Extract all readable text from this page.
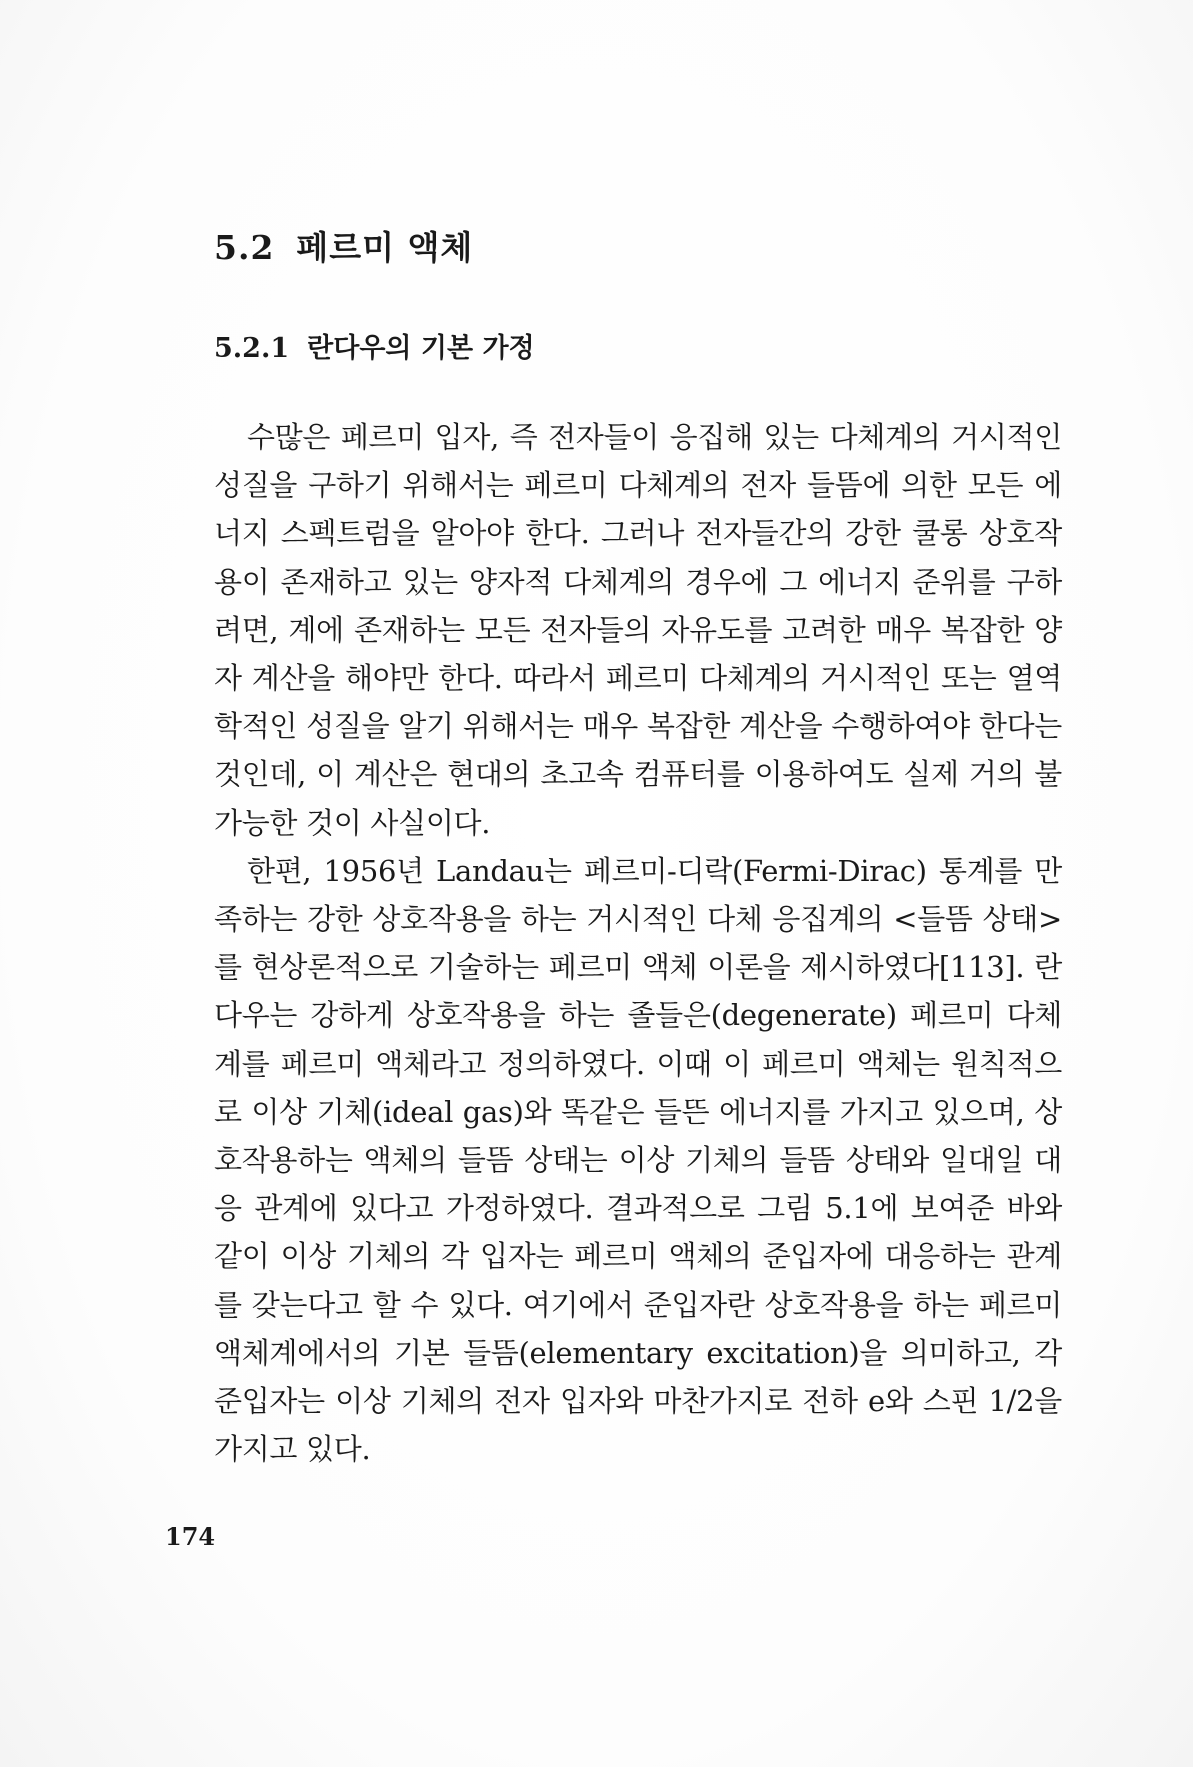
5.2 페르미 액체
5.2.1 란다우의 기본 가정

수많은 페르미 입자, 즉 전자들이 응집해 있는 다체계의 거시적인 성질을 구하기 위해서는 페르미 다체계의 전자 들뜸에 의한 모든 에너지 스펙트럼을 알아야 한다. 그러나 전자들간의 강한 쿨롱 상호작용이 존재하고 있는 양자적 다체계의 경우에 그 에너지 준위를 구하려면, 계에 존재하는 모든 전자들의 자유도를 고려한 매우 복잡한 양자 계산을 해야만 한다. 따라서 페르미 다체계의 거시적인 또는 열역학적인 성질을 알기 위해서는 매우 복잡한 계산을 수행하여야 한다는 것인데, 이 계산은 현대의 초고속 컴퓨터를 이용하여도 실제 거의 불가능한 것이 사실이다.

한편, 1956년 Landau는 페르미-디락(Fermi-Dirac) 통계를 만족하는 강한 상호작용을 하는 거시적인 다체 응집계의 <들뜸 상태>를 현상론적으로 기술하는 페르미 액체 이론을 제시하였다[113]. 란다우는 강하게 상호작용을 하는 졸들은(degenerate) 페르미 다체계를 페르미 액체라고 정의하였다. 이때 이 페르미 액체는 원칙적으로 이상 기체(ideal gas)와 똑같은 들뜬 에너지를 가지고 있으며, 상호작용하는 액체의 들뜸 상태는 이상 기체의 들뜸 상태와 일대일 대응 관계에 있다고 가정하였다. 결과적으로 그림 5.1에 보여준 바와 같이 이상 기체의 각 입자는 페르미 액체의 준입자에 대응하는 관계를 갖는다고 할 수 있다. 여기에서 준입자란 상호작용을 하는 페르미 액체계에서의 기본 들뜸(elementary excitation)을 의미하고, 각 준입자는 이상 기체의 전자 입자와 마찬가지로 전하 e와 스핀 1/2을 가지고 있다.

174
